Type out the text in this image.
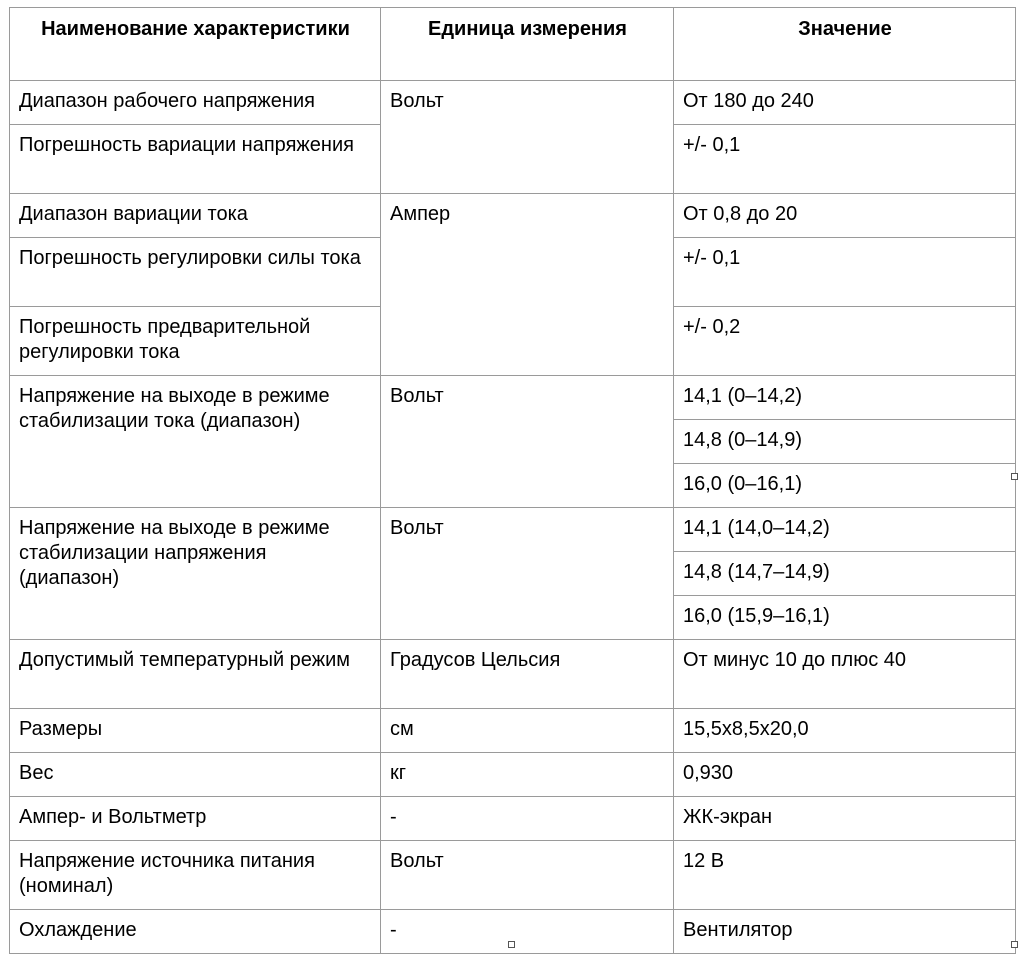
Наименование характеристики	Единица измерения	Значение
Диапазон рабочего напряжения	Вольт	От 180 до 240
Погрешность вариации напряжения		+/- 0,1
Диапазон вариации тока	Ампер	От 0,8 до 20
Погрешность регулировки силы тока		+/- 0,1
Погрешность предварительной регулировки тока		+/- 0,2
Напряжение на выходе в режиме стабилизации тока (диапазон)	Вольт	14,1 (0–14,2)
		14,8 (0–14,9)
		16,0 (0–16,1)
Напряжение на выходе в режиме стабилизации напряжения (диапазон)	Вольт	14,1 (14,0–14,2)
		14,8 (14,7–14,9)
		16,0 (15,9–16,1)
Допустимый температурный режим	Градусов Цельсия	От минус 10 до плюс 40
Размеры	см	15,5х8,5х20,0
Вес	кг	0,930
Ампер- и Вольтметр	-	ЖК-экран
Напряжение источника питания (номинал)	Вольт	12 В
Охлаждение	-	Вентилятор
